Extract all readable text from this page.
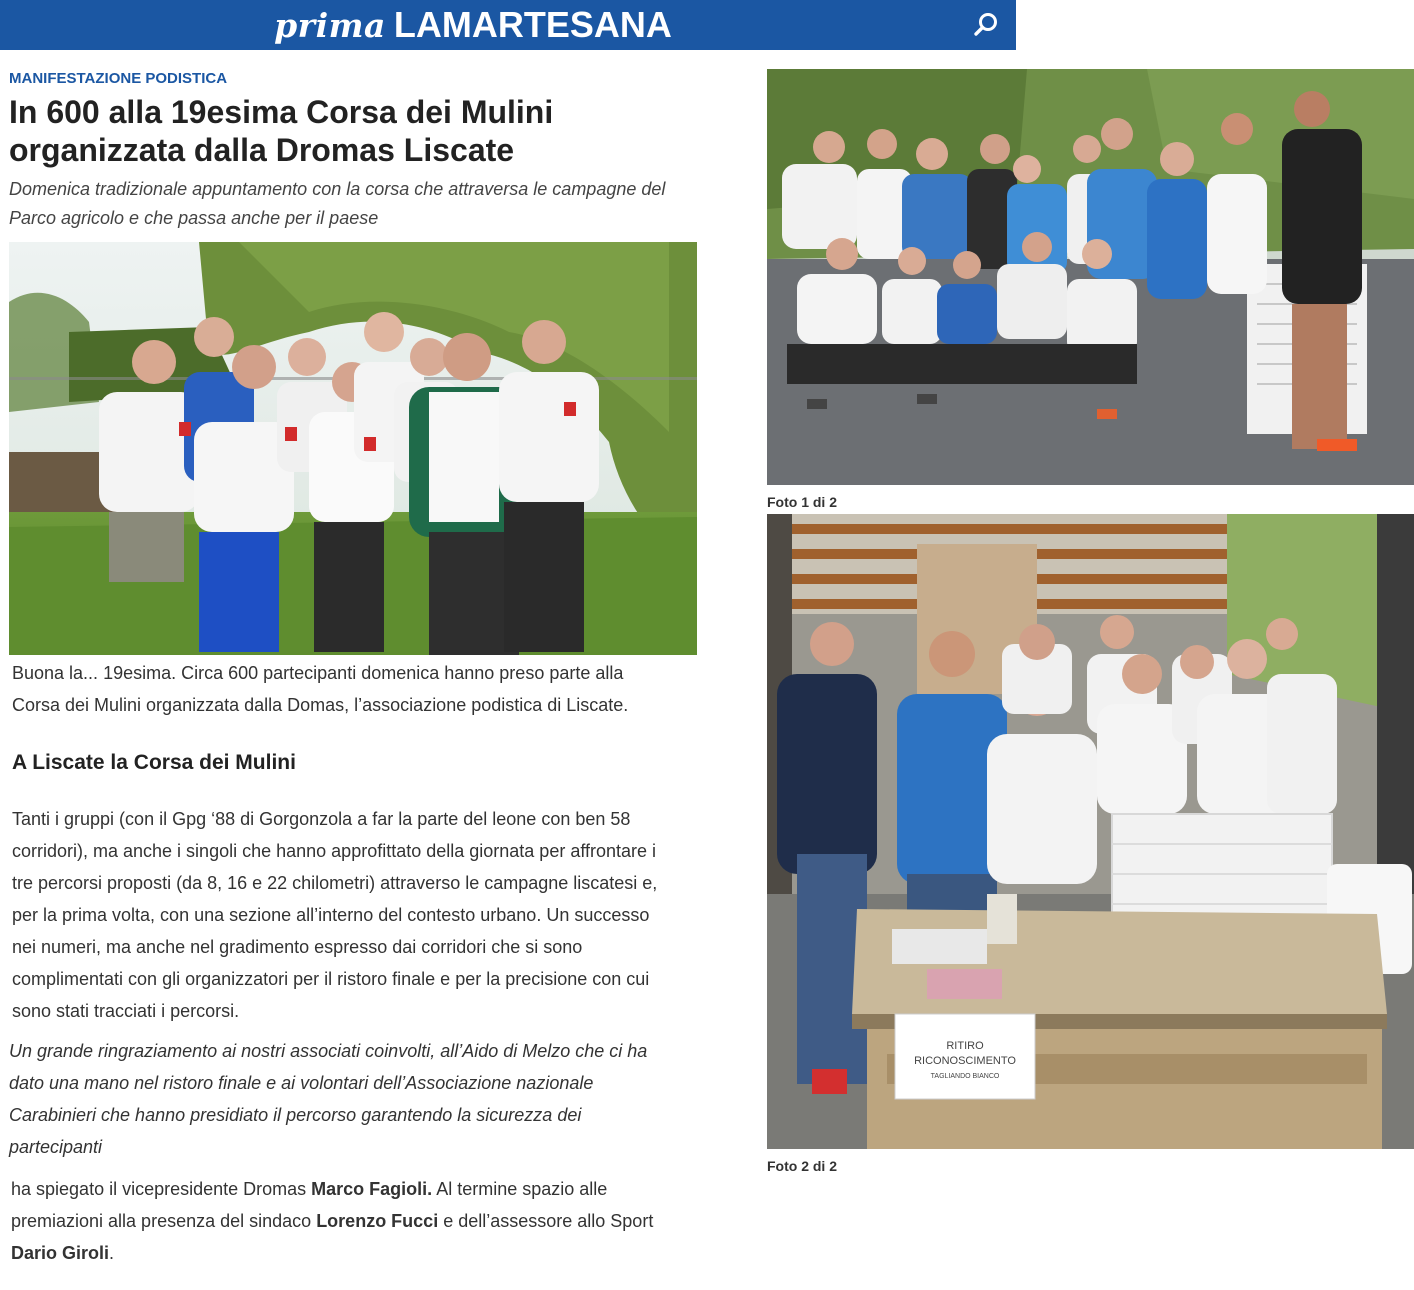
prima LAMARTESANA
MANIFESTAZIONE PODISTICA
In 600 alla 19esima Corsa dei Mulini organizzata dalla Dromas Liscate
Domenica tradizionale appuntamento con la corsa che attraversa le campagne del Parco agricolo e che passa anche per il paese
Buona la... 19esima. Circa 600 partecipanti domenica hanno preso parte alla Corsa dei Mulini organizzata dalla Domas, l’associazione podistica di Liscate.
A Liscate la Corsa dei Mulini
Tanti i gruppi (con il Gpg ‘88 di Gorgonzola a far la parte del leone con ben 58 corridori), ma anche i singoli che hanno approfittato della giornata per affrontare i tre percorsi proposti (da 8, 16 e 22 chilometri) attraverso le campagne liscatesi e, per la prima volta, con una sezione all’interno del contesto urbano. Un successo nei numeri, ma anche nel gradimento espresso dai corridori che si sono complimentati con gli organizzatori per il ristoro finale e per la precisione con cui sono stati tracciati i percorsi.
Un grande ringraziamento ai nostri associati coinvolti, all’Aido di Melzo che ci ha dato una mano nel ristoro finale e ai volontari dell’Associazione nazionale Carabinieri che hanno presidiato il percorso garantendo la sicurezza dei partecipanti
ha spiegato il vicepresidente Dromas Marco Fagioli. Al termine spazio alle premiazioni alla presenza del sindaco Lorenzo Fucci e dell’assessore allo Sport Dario Giroli.
Foto 1 di 2
RITIRO
RICONOSCIMENTO
TAGLIANDO BIANCO
Foto 2 di 2
